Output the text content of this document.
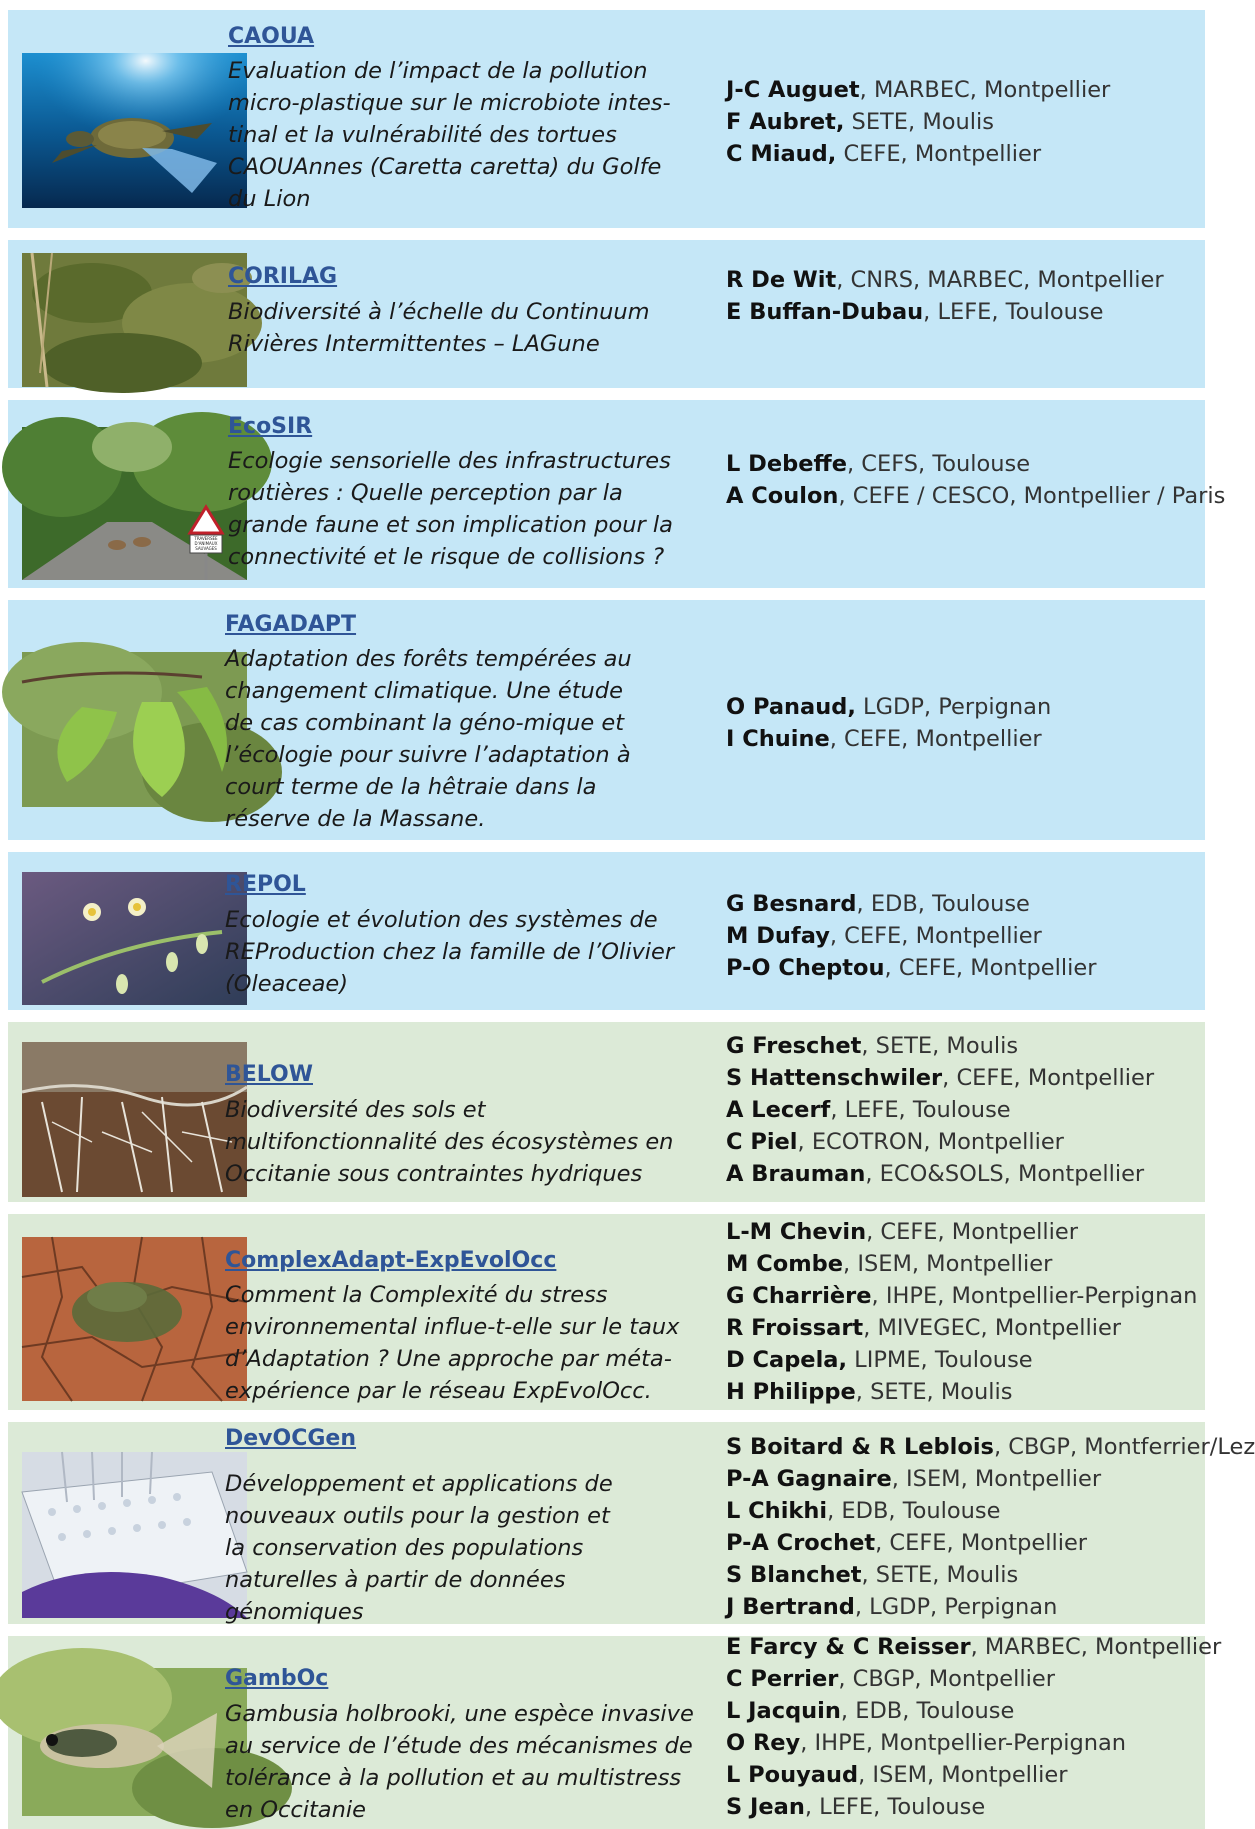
CAOUA
Evaluation de l’impact de la pollution
micro-plastique sur le microbiote intes-
tinal et la vulnérabilité des tortues
CAOUAnnes (Caretta caretta) du Golfe
du Lion
J-C Auguet, MARBEC, Montpellier
F Aubret, SETE, Moulis
C Miaud, CEFE, Montpellier
CORILAG
Biodiversité à l’échelle du Continuum
Rivières Intermittentes – LAGune
R De Wit, CNRS, MARBEC, Montpellier
E Buffan-Dubau, LEFE, Toulouse
TRAVERSÉE
D'ANIMAUX
SAUVAGES
EcoSIR
Ecologie sensorielle des infrastructures
routières : Quelle perception par la
grande faune et son implication pour la
connectivité et le risque de collisions ?
L Debeffe, CEFS, Toulouse
A Coulon, CEFE / CESCO, Montpellier / Paris
FAGADAPT
Adaptation des forêts tempérées au
changement climatique. Une étude
de cas combinant la géno-mique et
l’écologie pour suivre l’adaptation à
court terme de la hêtraie dans la
réserve de la Massane.
O Panaud, LGDP, Perpignan
I Chuine, CEFE, Montpellier
REPOL
Ecologie et évolution des systèmes de
REProduction chez la famille de l’Olivier
(Oleaceae)
G Besnard, EDB, Toulouse
M Dufay, CEFE, Montpellier
P-O Cheptou, CEFE, Montpellier
BELOW
Biodiversité des sols et
multifonctionnalité des écosystèmes en
Occitanie sous contraintes hydriques
G Freschet, SETE, Moulis
S Hattenschwiler, CEFE, Montpellier
A Lecerf, LEFE, Toulouse
C Piel, ECOTRON, Montpellier
A Brauman, ECO&SOLS, Montpellier
ComplexAdapt-ExpEvolOcc
Comment la Complexité du stress
environnemental influe-t-elle sur le taux
d’Adaptation ? Une approche par méta-
expérience par le réseau ExpEvolOcc.
L-M Chevin, CEFE, Montpellier
M Combe, ISEM, Montpellier
G Charrière, IHPE, Montpellier-Perpignan
R Froissart, MIVEGEC, Montpellier
D Capela, LIPME, Toulouse
H Philippe, SETE, Moulis
DevOCGen
Développement et applications de
nouveaux outils pour la gestion et
la conservation des populations
naturelles à partir de données
génomiques
S Boitard & R Leblois, CBGP, Montferrier/Lez
P-A Gagnaire, ISEM, Montpellier
L Chikhi, EDB, Toulouse
P-A Crochet, CEFE, Montpellier
S Blanchet, SETE, Moulis
J Bertrand, LGDP, Perpignan
GambOc
Gambusia holbrooki, une espèce invasive
au service de l’étude des mécanismes de
tolérance à la pollution et au multistress
en Occitanie
E Farcy & C Reisser, MARBEC, Montpellier
C Perrier, CBGP, Montpellier
L Jacquin, EDB, Toulouse
O Rey, IHPE, Montpellier-Perpignan
L Pouyaud, ISEM, Montpellier
S Jean, LEFE, Toulouse
